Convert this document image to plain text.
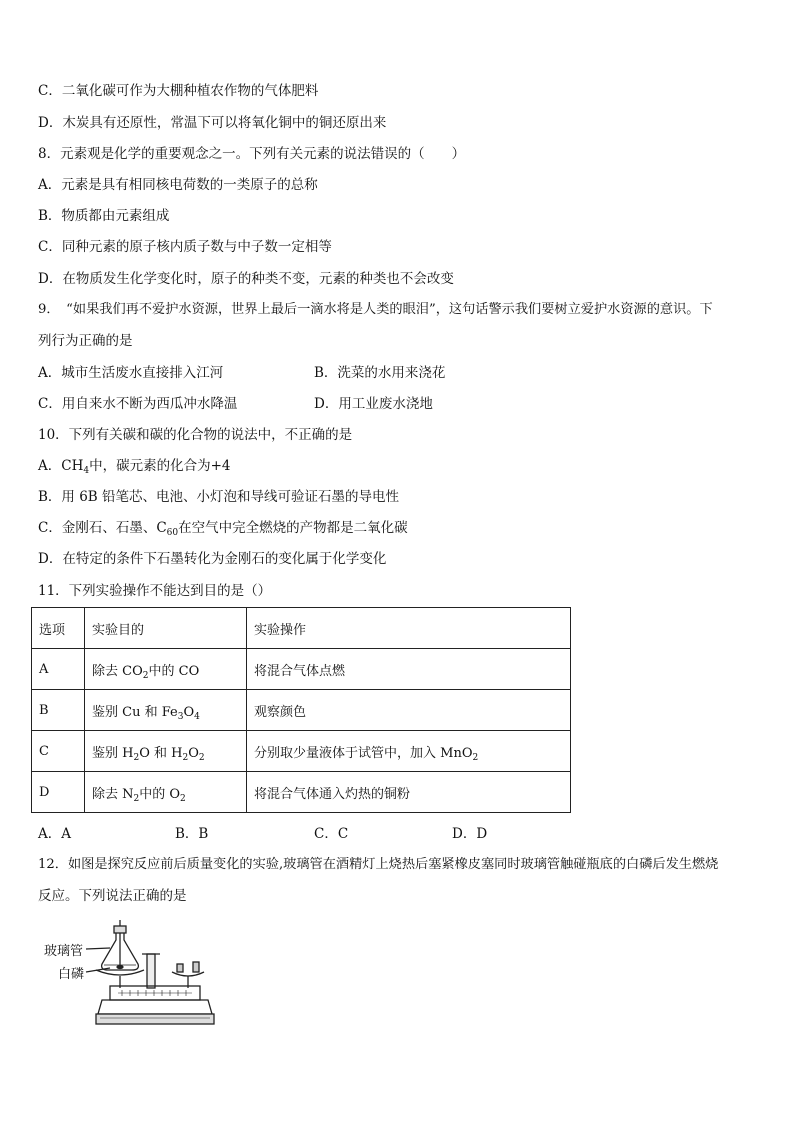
C．二氧化碳可作为大棚种植农作物的气体肥料
D．木炭具有还原性，常温下可以将氧化铜中的铜还原出来
8．元素观是化学的重要观念之一。下列有关元素的说法错误的（　　）
A．元素是具有相同核电荷数的一类原子的总称
B．物质都由元素组成
C．同种元素的原子核内质子数与中子数一定相等
D．在物质发生化学变化时，原子的种类不变，元素的种类也不会改变
9．　“如果我们再不爱护水资源，世界上最后一滴水将是人类的眼泪”，这句话警示我们要树立爱护水资源的意识。下
列行为正确的是
A．城市生活废水直接排入江河	B．洗菜的水用来浇花
C．用自来水不断为西瓜冲水降温	D．用工业废水浇地
10．下列有关碳和碳的化合物的说法中，不正确的是
A．$CH_4$中，碳元素的化合为+4
B．用 6B 铅笔芯、电池、小灯泡和导线可验证石墨的导电性
C．金刚石、石墨、$C_{60}$在空气中完全燃烧的产物都是二氧化碳
D．在特定的条件下石墨转化为金刚石的变化属于化学变化
11．下列实验操作不能达到目的是（）
选项	实验目的	实验操作
A	除去 $CO_2$中的 CO	将混合气体点燃
B	鉴别 Cu 和 $Fe_3O_4$	观察颜色
C	鉴别 $H_2O$ 和 $H_2O_2$	分别取少量液体于试管中，加入 MnO$_2$
D	除去 $N_2$中的 $O_2$	将混合气体通入灼热的铜粉
A．A	B．B	C．C	D．D
12．如图是探究反应前后质量变化的实验,玻璃管在酒精灯上烧热后塞紧橡皮塞同时玻璃管触碰瓶底的白磷后发生燃烧
反应。下列说法正确的是
玻璃管
白磷
